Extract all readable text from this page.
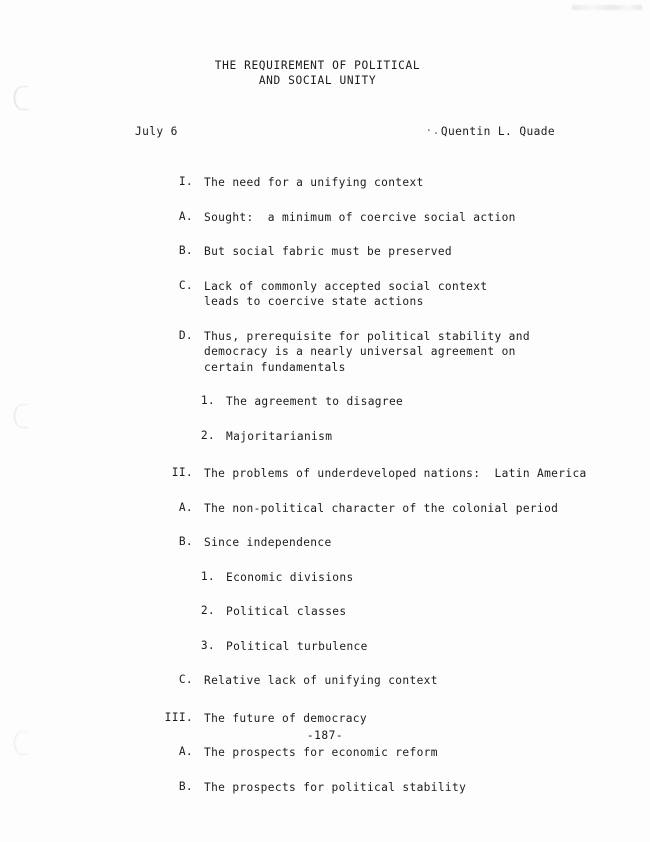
THE REQUIREMENT OF POLITICAL
AND SOCIAL UNITY
July 6	·.Quentin L. Quade
I. The need for a unifying context
A. Sought:  a minimum of coercive social action
B. But social fabric must be preserved
C. Lack of commonly accepted social context
leads to coercive state actions
D. Thus, prerequisite for political stability and
democracy is a nearly universal agreement on
certain fundamentals
1. The agreement to disagree
2. Majoritarianism
II. The problems of underdeveloped nations:  Latin America
A. The non-political character of the colonial period
B. Since independence
1. Economic divisions
2. Political classes
3. Political turbulence
C. Relative lack of unifying context
III. The future of democracy
A. The prospects for economic reform
B. The prospects for political stability
-187-
